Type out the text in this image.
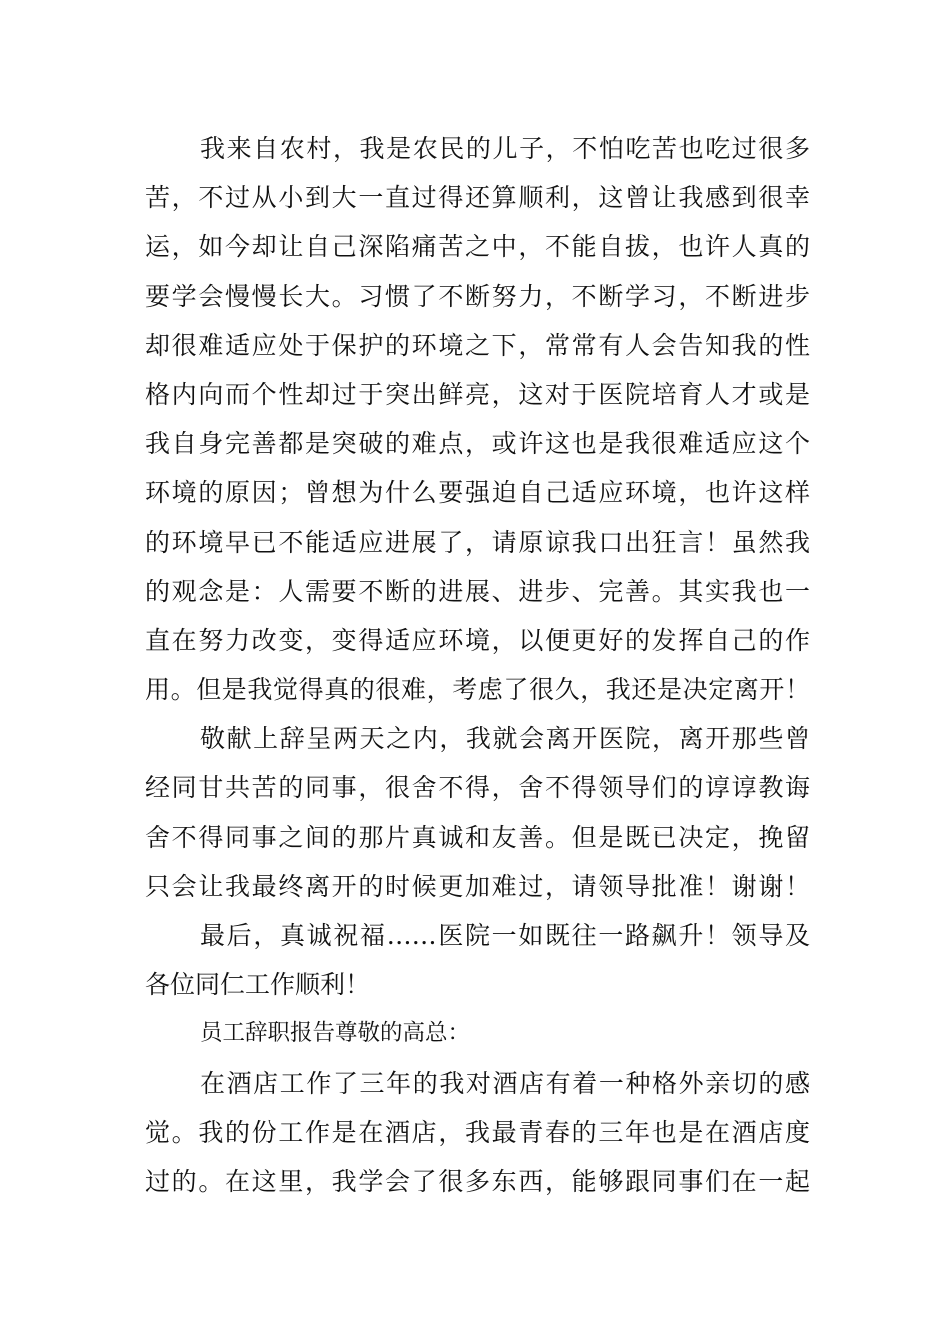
我来自农村，我是农民的儿子，不怕吃苦也吃过很多
苦，不过从小到大一直过得还算顺利，这曾让我感到很幸
运，如今却让自己深陷痛苦之中，不能自拔，也许人真的
要学会慢慢长大。习惯了不断努力，不断学习，不断进步
却很难适应处于保护的环境之下，常常有人会告知我的性
格内向而个性却过于突出鲜亮，这对于医院培育人才或是
我自身完善都是突破的难点，或许这也是我很难适应这个
环境的原因；曾想为什么要强迫自己适应环境，也许这样
的环境早已不能适应进展了，请原谅我口出狂言！虽然我
的观念是：人需要不断的进展、进步、完善。其实我也一
直在努力改变，变得适应环境，以便更好的发挥自己的作
用。但是我觉得真的很难，考虑了很久，我还是决定离开！
敬献上辞呈两天之内，我就会离开医院，离开那些曾
经同甘共苦的同事，很舍不得，舍不得领导们的谆谆教诲
舍不得同事之间的那片真诚和友善。但是既已决定，挽留
只会让我最终离开的时候更加难过，请领导批准！谢谢！
最后，真诚祝福……医院一如既往一路飙升！领导及
各位同仁工作顺利！
员工辞职报告尊敬的高总：
在酒店工作了三年的我对酒店有着一种格外亲切的感
觉。我的份工作是在酒店，我最青春的三年也是在酒店度
过的。在这里，我学会了很多东西，能够跟同事们在一起
